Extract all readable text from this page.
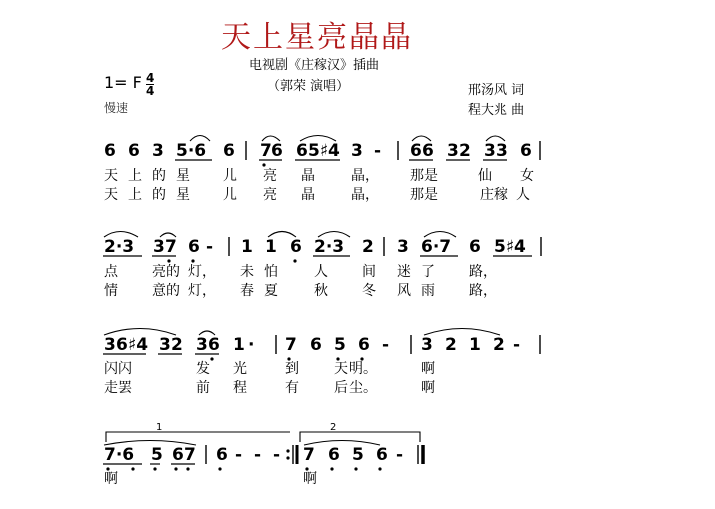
天上星亮晶晶
电视剧《庄稼汉》插曲
（郭荣 演唱）
1= F 4
4
慢速
邢汤风 词
程大兆 曲
6 6 3 5·6 6 7 6 6 5♯4 3 - 6 6 3 2 3 3 6
天 上 的 星 儿 亮 晶	晶， 那是	仙 女
天 上 的 星 儿 亮 晶	晶， 那是	庄稼 人
2·3 3 7 6 - 1 1 6 2·3 2 3 6·7 6 5♯4
点 亮的 灯， 未 怕	人 间 迷 了 路，
情 意的 灯， 春 夏	秋 冬 风 雨 路，
3 6 ♯4 3 2 3 6 1 · 7 6 5 6 - 3 2 1 2 -
闪闪	发 光	到	天 明。	啊
走罢	前 程	有	后 尘。	啊
1	2
7·6 5 6 7 6 - - - 7 6 5 6 -
啊	啊
